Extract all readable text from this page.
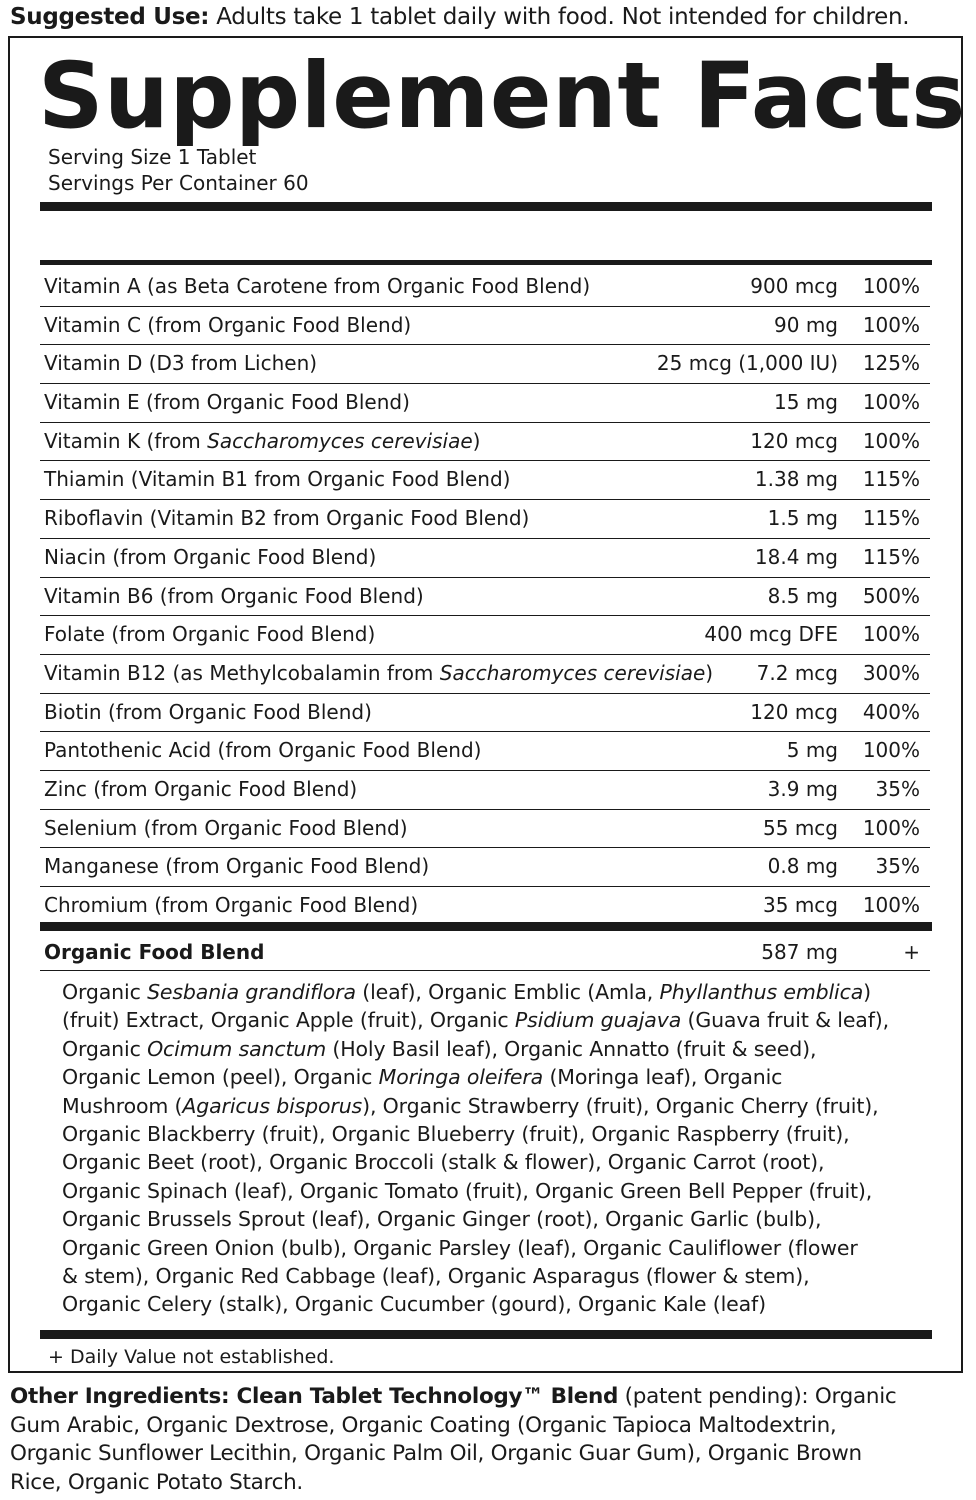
Suggested Use: Adults take 1 tablet daily with food. Not intended for children.
Supplement Facts
Serving Size 1 Tablet
Servings Per Container 60
Vitamin A (as Beta Carotene from Organic Food Blend)	900 mcg 100%
Vitamin C (from Organic Food Blend)	90 mg 100%
Vitamin D (D3 from Lichen)	25 mcg (1,000 IU) 125%
Vitamin E (from Organic Food Blend)	15 mg 100%
Vitamin K (from Saccharomyces cerevisiae)	120 mcg 100%
Thiamin (Vitamin B1 from Organic Food Blend)	1.38 mg 115%
Riboflavin (Vitamin B2 from Organic Food Blend)	1.5 mg 115%
Niacin (from Organic Food Blend)	18.4 mg 115%
Vitamin B6 (from Organic Food Blend)	8.5 mg 500%
Folate (from Organic Food Blend)	400 mcg DFE 100%
Vitamin B12 (as Methylcobalamin from Saccharomyces cerevisiae) 7.2 mcg 300%
Biotin (from Organic Food Blend)	120 mcg 400%
Pantothenic Acid (from Organic Food Blend)	5 mg 100%
Zinc (from Organic Food Blend)	3.9 mg 35%
Selenium (from Organic Food Blend)	55 mcg 100%
Manganese (from Organic Food Blend)	0.8 mg 35%
Chromium (from Organic Food Blend)	35 mcg 100%
Organic Food Blend	587 mg	+

Organic Sesbania grandiflora (leaf), Organic Emblic (Amla, Phyllanthus emblica)

(fruit) Extract, Organic Apple (fruit), Organic Psidium guajava (Guava fruit & leaf),

Organic Ocimum sanctum (Holy Basil leaf), Organic Annatto (fruit & seed),

Organic Lemon (peel), Organic Moringa oleifera (Moringa leaf), Organic

Mushroom (Agaricus bisporus), Organic Strawberry (fruit), Organic Cherry (fruit),

Organic Blackberry (fruit), Organic Blueberry (fruit), Organic Raspberry (fruit),

Organic Beet (root), Organic Broccoli (stalk & flower), Organic Carrot (root),

Organic Spinach (leaf), Organic Tomato (fruit), Organic Green Bell Pepper (fruit),

Organic Brussels Sprout (leaf), Organic Ginger (root), Organic Garlic (bulb),

Organic Green Onion (bulb), Organic Parsley (leaf), Organic Cauliflower (flower

& stem), Organic Red Cabbage (leaf), Organic Asparagus (flower & stem),

Organic Celery (stalk), Organic Cucumber (gourd), Organic Kale (leaf)

+ Daily Value not established.

Other Ingredients: Clean Tablet Technology™ Blend (patent pending): Organic

Gum Arabic, Organic Dextrose, Organic Coating (Organic Tapioca Maltodextrin,

Organic Sunflower Lecithin, Organic Palm Oil, Organic Guar Gum), Organic Brown

Rice, Organic Potato Starch.
